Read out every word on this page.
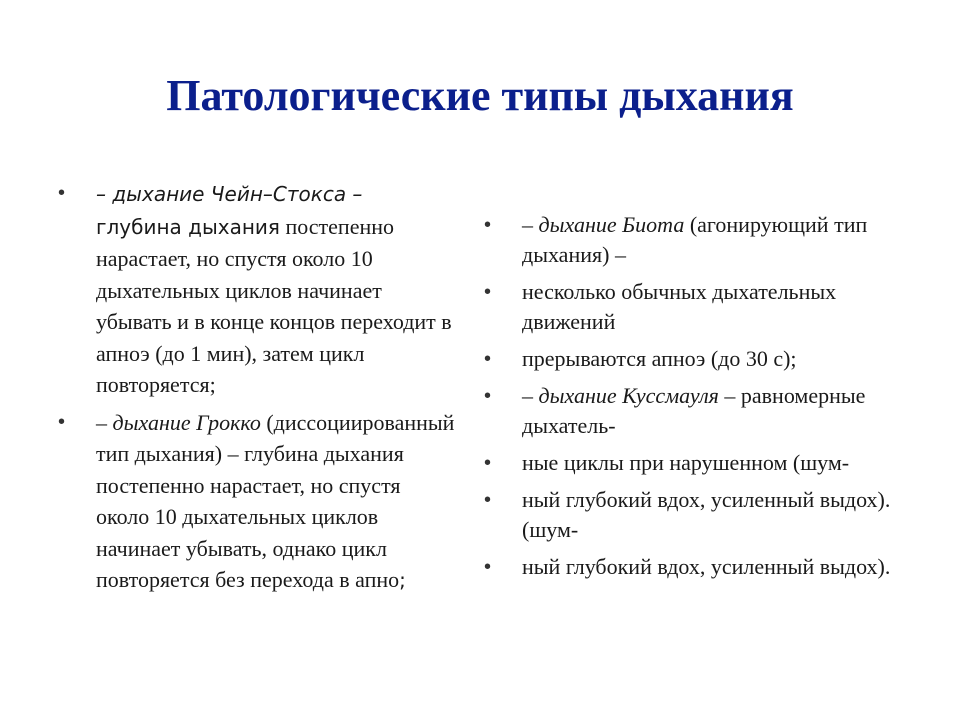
Патологические типы дыхания
• – дыхание Чейн–Стокса –
глубина дыхания постепенно нарастает, но спустя около 10 дыхательных циклов начинает убывать и в конце концов переходит в апноэ (до 1 мин), затем цикл повторяется;
• – дыхание Грокко (диссоциированный тип дыхания) – глубина дыхания постепенно нарастает, но спустя около 10 дыхательных циклов начинает убывать, однако цикл повторяется без перехода в апно;
• – дыхание Биота (агонирующий тип дыхания) –
• несколько обычных дыхательных движений
• прерываются апноэ (до 30 с);
• – дыхание Куссмауля – равномерные дыхатель-
• ные циклы при нарушенном (шум-
• ный глубокий вдох, усиленный выдох). (шум-
• ный глубокий вдох, усиленный выдох).
